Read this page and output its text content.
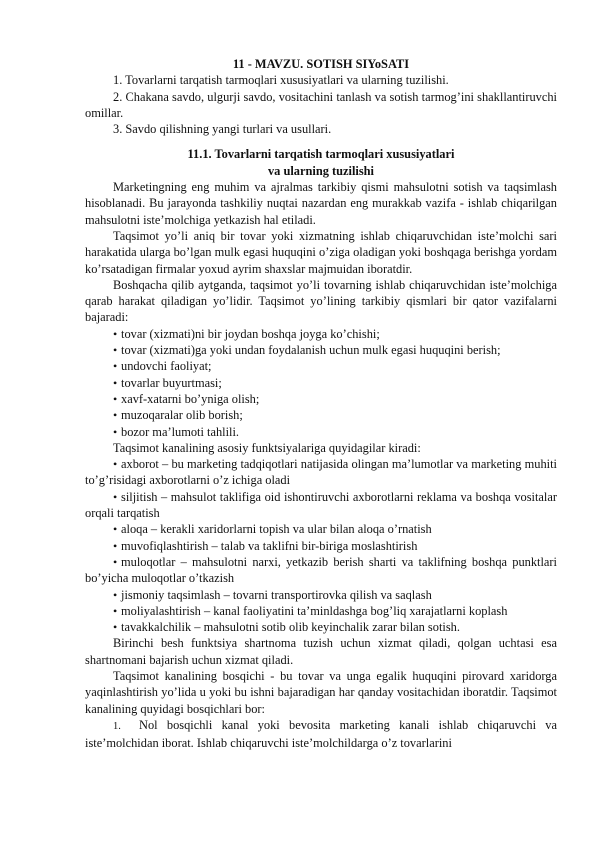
11 - MAVZU. SOTISH SIYoSATI

1. Tovarlarni tarqatish tarmoqlari xususiyatlari va ularning tuzilishi.

2. Chakana savdo, ulgurji savdo, vositachini tanlash va sotish tarmog’ini shakllantiruvchi omillar.

3. Savdo qilishning yangi turlari va usullari.

11.1. Tovarlarni tarqatish tarmoqlari xususiyatlari

va ularning tuzilishi

Marketingning eng muhim va ajralmas tarkibiy qismi mahsulotni sotish va taqsimlash hisoblanadi. Bu jarayonda tashkiliy nuqtai nazardan eng murakkab vazifa - ishlab chiqarilgan mahsulotni iste’molchiga yetkazish hal etiladi.

Taqsimot yo’li aniq bir tovar yoki xizmatning ishlab chiqaruvchidan iste’molchi sari harakatida ularga bo’lgan mulk egasi huquqini o’ziga oladigan yoki boshqaga berishga yordam ko’rsatadigan firmalar yoxud ayrim shaxslar majmuidan iboratdir.

Boshqacha qilib aytganda, taqsimot yo’li tovarning ishlab chiqaruvchidan iste’molchiga qarab harakat qiladigan yo’lidir. Taqsimot yo’lining tarkibiy qismlari bir qator vazifalarni bajaradi:

•tovar (xizmati)ni bir joydan boshqa joyga ko’chishi;

•tovar (xizmati)ga yoki undan foydalanish uchun mulk egasi huquqini berish;

•undovchi faoliyat;

•tovarlar buyurtmasi;

•xavf-xatarni bo’yniga olish;

•muzoqaralar olib borish;

•bozor ma’lumoti tahlili.

Taqsimot kanalining asosiy funktsiyalariga quyidagilar kiradi:

•axborot – bu marketing tadqiqotlari natijasida olingan ma’lumotlar va marketing muhiti to’g’risidagi axborotlarni o’z ichiga oladi

•siljitish – mahsulot taklifiga oid ishontiruvchi axborotlarni reklama va boshqa vositalar orqali tarqatish

•aloqa – kerakli xaridorlarni topish va ular bilan aloqa o’rnatish

•muvofiqlashtirish – talab va taklifni bir-biriga moslashtirish

•muloqotlar – mahsulotni narxi, yetkazib berish sharti va taklifning boshqa punktlari bo’yicha muloqotlar o’tkazish

•jismoniy taqsimlash – tovarni transportirovka qilish va saqlash

•moliyalashtirish – kanal faoliyatini ta’minldashga bog’liq xarajatlarni koplash

•tavakkalchilik – mahsulotni sotib olib keyinchalik zarar bilan sotish.

Birinchi besh funktsiya shartnoma tuzish uchun xizmat qiladi, qolgan uchtasi esa shartnomani bajarish uchun xizmat qiladi.

Taqsimot kanalining bosqichi - bu tovar va unga egalik huquqini pirovard xaridorga yaqinlashtirish yo’lida u yoki bu ishni bajaradigan har qanday vositachidan iboratdir. Taqsimot kanalining quyidagi bosqichlari bor:

1. Nol bosqichli kanal yoki bevosita marketing kanali ishlab chiqaruvchi va iste’molchidan iborat. Ishlab chiqaruvchi iste’molchildarga o’z tovarlarini
